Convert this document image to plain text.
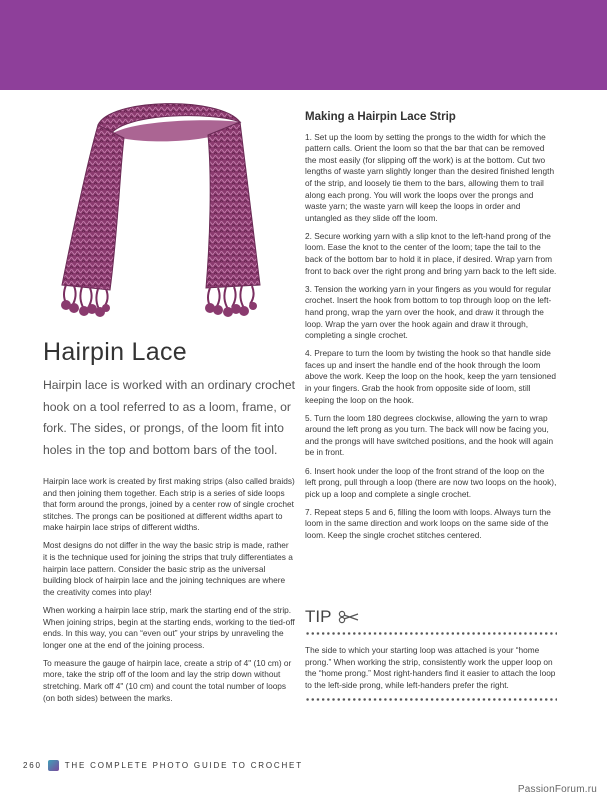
Hairpin Lace

Hairpin lace is worked with an ordinary crochet hook on a tool referred to as a loom, frame, or fork. The sides, or prongs, of the loom fit into holes in the top and bottom bars of the tool.

Hairpin lace work is created by first making strips (also called braids) and then joining them together. Each strip is a series of side loops that form around the prongs, joined by a center row of single crochet stitches. The prongs can be positioned at different widths apart to make hairpin lace strips of different widths.

Most designs do not differ in the way the basic strip is made, rather it is the technique used for joining the strips that truly differentiates a hairpin lace pattern. Consider the basic strip as the universal building block of hairpin lace and the joining techniques are where the creativity comes into play!

When working a hairpin lace strip, mark the starting end of the strip. When joining strips, begin at the starting ends, working to the tied-off ends. In this way, you can “even out” your strips by unraveling the longer one at the end of the joining process.

To measure the gauge of hairpin lace, create a strip of 4" (10 cm) or more, take the strip off of the loom and lay the strip down without stretching. Mark off 4" (10 cm) and count the total number of loops (on both sides) between the marks.

Making a Hairpin Lace Strip

1. Set up the loom by setting the prongs to the width for which the pattern calls. Orient the loom so that the bar that can be removed the most easily (for slipping off the work) is at the bottom. Cut two lengths of waste yarn slightly longer than the desired finished length of the strip, and loosely tie them to the bars, allowing them to trail along each prong. You will work the loops over the prongs and waste yarn; the waste yarn will keep the loops in order and untangled as they slide off the loom.

2. Secure working yarn with a slip knot to the left-hand prong of the loom. Ease the knot to the center of the loom; tape the tail to the back of the bottom bar to hold it in place, if desired. Wrap yarn from front to back over the right prong and bring yarn back to the left side.

3. Tension the working yarn in your fingers as you would for regular crochet. Insert the hook from bottom to top through loop on the left-hand prong, wrap the yarn over the hook, and draw it through the loop. Wrap the yarn over the hook again and draw it through, completing a single crochet.

4. Prepare to turn the loom by twisting the hook so that handle side faces up and insert the handle end of the hook through the loom above the work. Keep the loop on the hook, keep the yarn tensioned in your fingers. Grab the hook from opposite side of loom, still keeping the loop on the hook.

5. Turn the loom 180 degrees clockwise, allowing the yarn to wrap around the left prong as you turn. The back will now be facing you, and the prongs will have switched positions, and the hook will again be in front.

6. Insert hook under the loop of the front strand of the loop on the left prong, pull through a loop (there are now two loops on the hook), pick up a loop and complete a single crochet.

7. Repeat steps 5 and 6, filling the loom with loops. Always turn the loom in the same direction and work loops on the same side of the loom. Keep the single crochet stitches centered.

TIP

The side to which your starting loop was attached is your “home prong.” When working the strip, consistently work the upper loop on the “home prong.” Most right-handers find it easier to attach the loop to the left-side prong, while left-handers prefer the right.

260	THE COMPLETE PHOTO GUIDE TO CROCHET
PassionForum.ru
